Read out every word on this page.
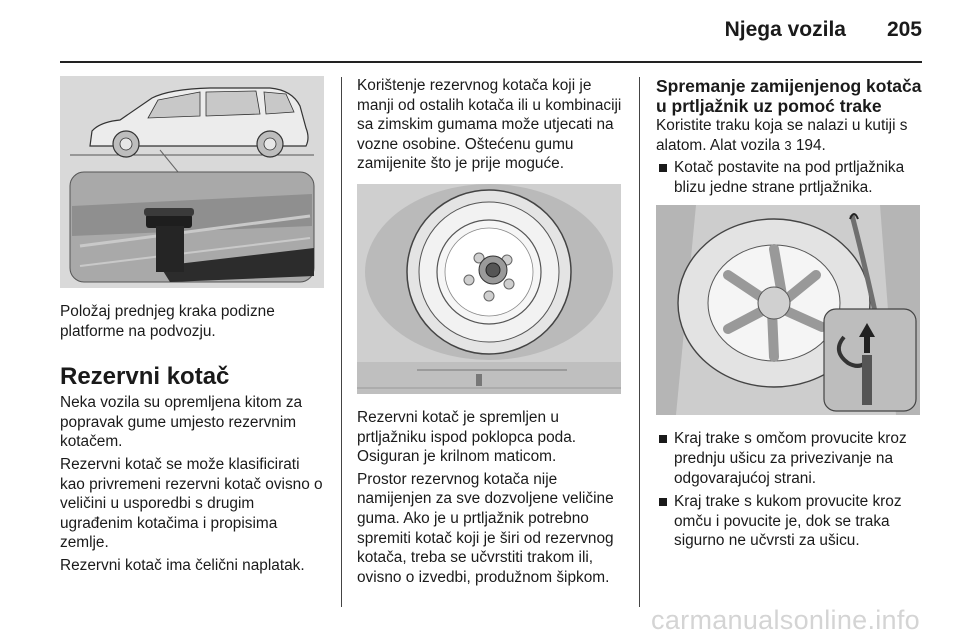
Njega vozila	205

Položaj prednjeg kraka podizne platforme na podvozju.

Rezervni kotač

Neka vozila su opremljena kitom za popravak gume umjesto rezervnim kotačem.

Rezervni kotač se može klasificirati kao privremeni rezervni kotač ovisno o veličini u usporedbi s drugim ugrađenim kotačima i propisima zemlje.

Rezervni kotač ima čelični naplatak.

Korištenje rezervnog kotača koji je manji od ostalih kotača ili u kombinaciji sa zimskim gumama može utjecati na vozne osobine. Oštećenu gumu zamijenite što je prije moguće.

Rezervni kotač je spremljen u prtljažniku ispod poklopca poda. Osiguran je krilnom maticom.

Prostor rezervnog kotača nije namijenjen za sve dozvoljene veličine guma. Ako je u prtljažnik potrebno spremiti kotač koji je širi od rezervnog kotača, treba se učvrstiti trakom ili, ovisno o izvedbi, produžnom šipkom.

Spremanje zamijenjenog kotača u prtljažnik uz pomoć trake

Koristite traku koja se nalazi u kutiji s alatom. Alat vozila 3 194.

Kotač postavite na pod prtljažnika blizu jedne strane prtljažnika.
Kraj trake s omčom provucite kroz prednju ušicu za privezivanje na odgovarajućoj strani.
Kraj trake s kukom provucite kroz omču i povucite je, dok se traka sigurno ne učvrsti za ušicu.
carmanualsonline.info
